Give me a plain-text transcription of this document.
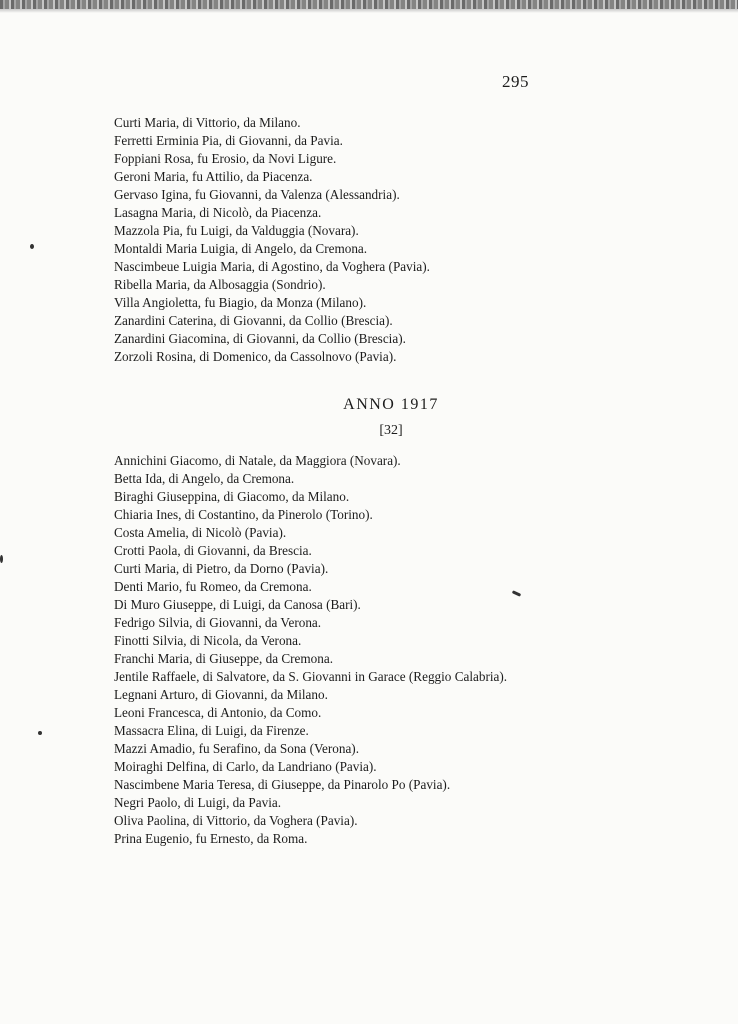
295
Curti Maria, di Vittorio, da Milano.
Ferretti Erminia Pia, di Giovanni, da Pavia.
Foppiani Rosa, fu Erosio, da Novi Ligure.
Geroni Maria, fu Attilio, da Piacenza.
Gervaso Igina, fu Giovanni, da Valenza (Alessandria).
Lasagna Maria, di Nicolò, da Piacenza.
Mazzola Pia, fu Luigi, da Valduggia (Novara).
Montaldi Maria Luigia, di Angelo, da Cremona.
Nascimbeue Luigia Maria, di Agostino, da Voghera (Pavia).
Ribella Maria, da Albosaggia (Sondrio).
Villa Angioletta, fu Biagio, da Monza (Milano).
Zanardini Caterina, di Giovanni, da Collio (Brescia).
Zanardini Giacomina, di Giovanni, da Collio (Brescia).
Zorzoli Rosina, di Domenico, da Cassolnovo (Pavia).
ANNO 1917
[32]
Annichini Giacomo, di Natale, da Maggiora (Novara).
Betta Ida, di Angelo, da Cremona.
Biraghi Giuseppina, di Giacomo, da Milano.
Chiaria Ines, di Costantino, da Pinerolo (Torino).
Costa Amelia, di Nicolò (Pavia).
Crotti Paola, di Giovanni, da Brescia.
Curti Maria, di Pietro, da Dorno (Pavia).
Denti Mario, fu Romeo, da Cremona.
Di Muro Giuseppe, di Luigi, da Canosa (Bari).
Fedrigo Silvia, di Giovanni, da Verona.
Finotti Silvia, di Nicola, da Verona.
Franchi Maria, di Giuseppe, da Cremona.
Jentile Raffaele, di Salvatore, da S. Giovanni in Garace (Reggio Calabria).
Legnani Arturo, di Giovanni, da Milano.
Leoni Francesca, di Antonio, da Como.
Massacra Elina, di Luigi, da Firenze.
Mazzi Amadio, fu Serafino, da Sona (Verona).
Moiraghi Delfina, di Carlo, da Landriano (Pavia).
Nascimbene Maria Teresa, di Giuseppe, da Pinarolo Po (Pavia).
Negri Paolo, di Luigi, da Pavia.
Oliva Paolina, di Vittorio, da Voghera (Pavia).
Prina Eugenio, fu Ernesto, da Roma.
